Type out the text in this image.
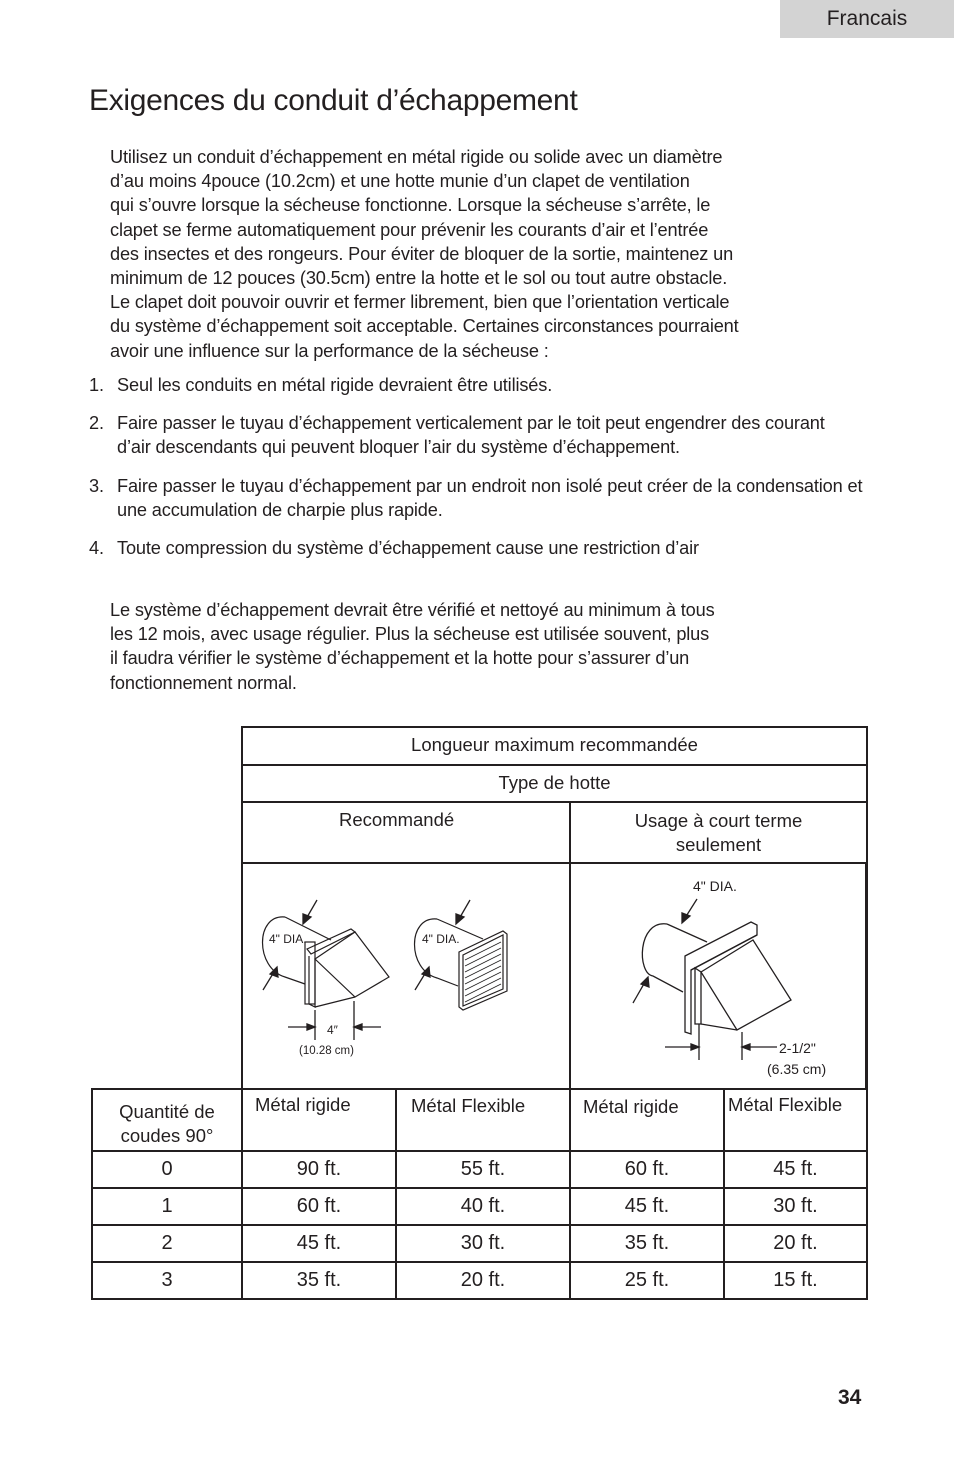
Francais
Exigences du conduit d’échappement

Utilisez un conduit d’échappement en métal rigide ou solide avec un diamètre
d’au moins 4pouce (10.2cm) et une hotte munie d’un clapet de ventilation
qui s’ouvre lorsque la sécheuse fonctionne. Lorsque la sécheuse s’arrête, le
clapet se ferme automatiquement pour prévenir les courants d’air et l’entrée
des insectes et des rongeurs. Pour éviter de bloquer de la sortie, maintenez un
minimum de 12 pouces (30.5cm) entre la hotte et le sol ou tout autre obstacle.
Le clapet doit pouvoir ouvrir et fermer librement, bien que l’orientation verticale
du système d’échappement soit acceptable. Certaines circonstances pourraient
avoir une influence sur la performance de la sécheuse :

1. Seul les conduits en métal rigide devraient être utilisés.
2. Faire passer le tuyau d’échappement verticalement par le toit peut engendrer des courant d’air descendants qui peuvent bloquer l’air du système d’échappement.
3. Faire passer le tuyau d’échappement par un endroit non isolé peut créer de la condensation et une accumulation de charpie plus rapide.
4. Toute compression du système d’échappement cause une restriction d’air

Le système d’échappement devrait être vérifié et nettoyé au minimum à tous
les 12 mois, avec usage régulier. Plus la sécheuse est utilisée souvent, plus
il faudra vérifier le système d’échappement et la hotte pour s’assurer d’un
fonctionnement normal.

Longueur maximum recommandée
Type de hotte
Recommandé	Usage à court terme seulement
4" DIA.
4″
(10.28 cm)
4" DIA.
4" DIA.
2-1/2"
(6.35 cm)
Quantité de coudes 90°
Métal rigide	Métal Flexible	Métal rigide	Métal Flexible
0	90 ft.	55 ft.	60 ft.	45 ft.
1	60 ft.	40 ft.	45 ft.	30 ft.
2	45 ft.	30 ft.	35 ft.	20 ft.
3	35 ft.	20 ft.	25 ft.	15 ft.
34
